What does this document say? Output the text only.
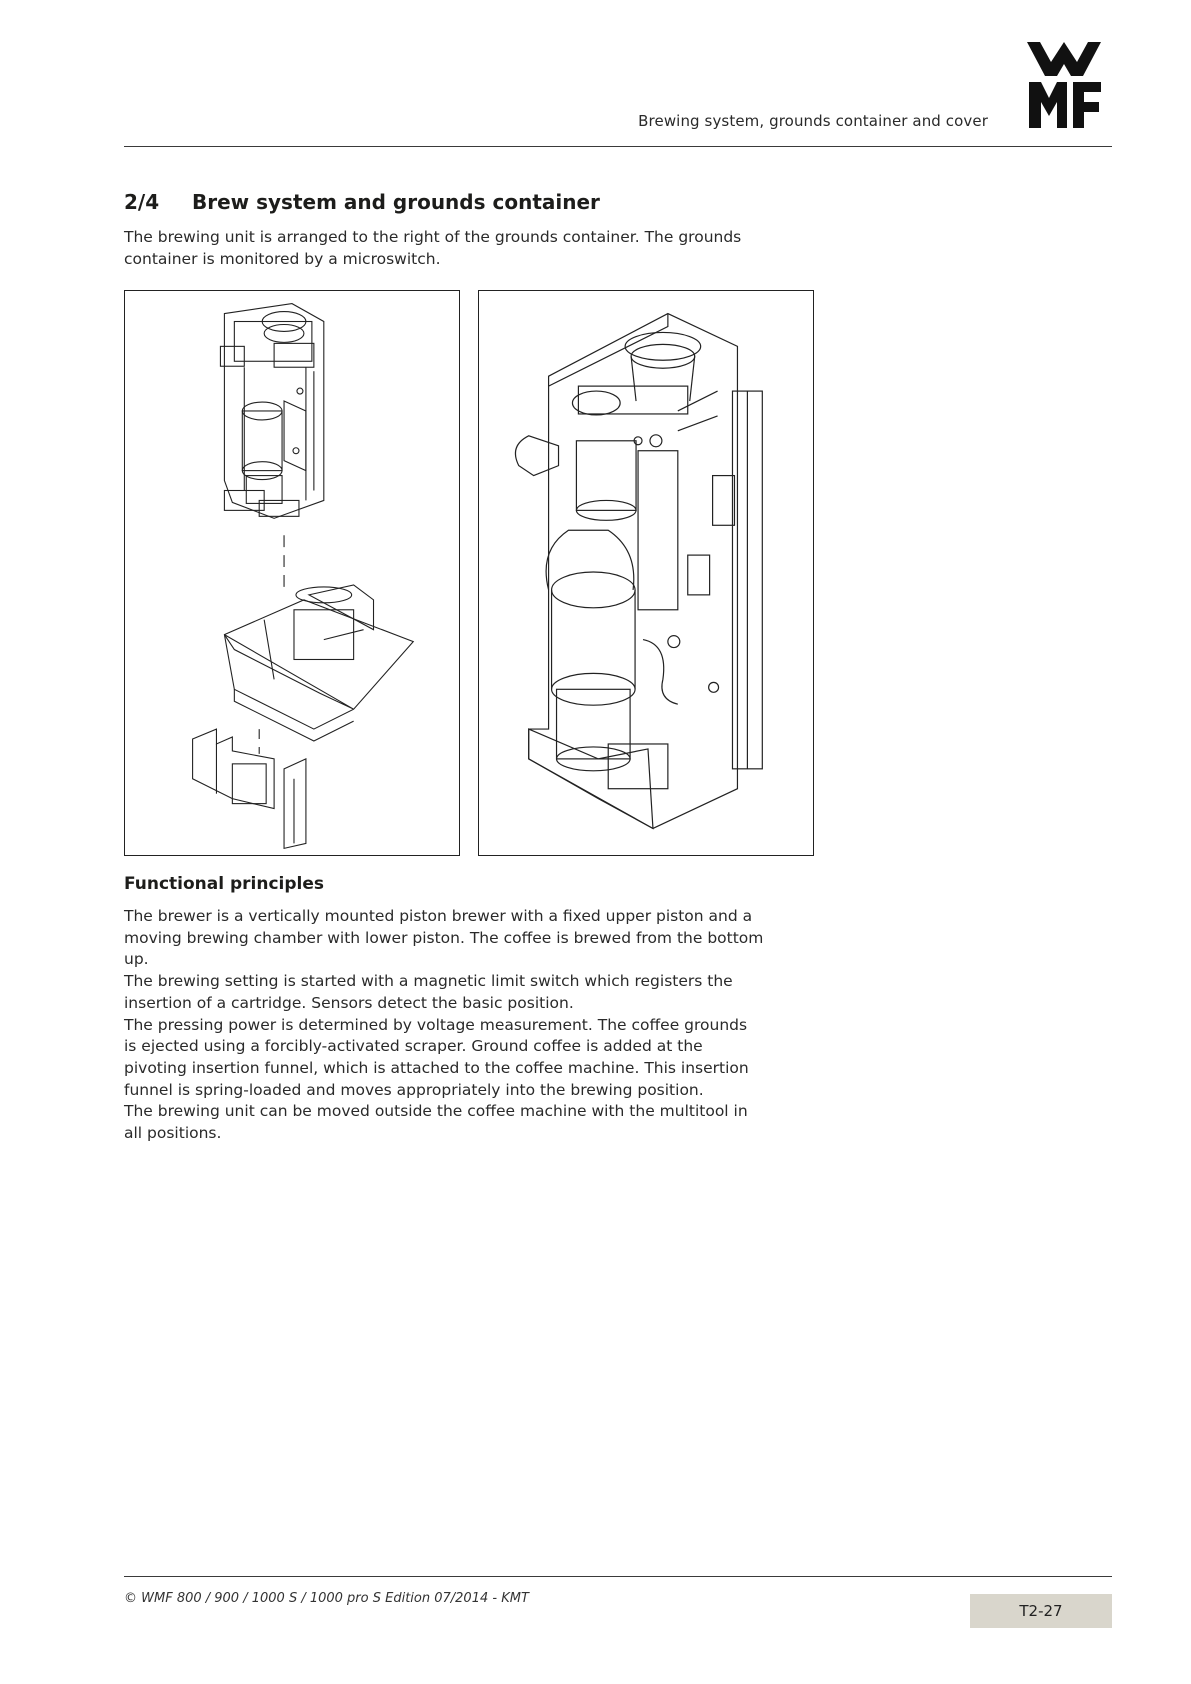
Brewing system, grounds container and cover
2/4 Brew system and grounds container
The brewing unit is arranged to the right of the grounds container. The grounds container is monitored by a microswitch.
Functional principles

The brewer is a vertically mounted piston brewer with a fixed upper piston and a moving brewing chamber with lower piston. The coffee is brewed from the bottom up.

The brewing setting is started with a magnetic limit switch which registers the insertion of a cartridge. Sensors detect the basic position.

The pressing power is determined by voltage measurement. The coffee grounds is ejected using a forcibly-activated scraper. Ground coffee is added at the pivoting insertion funnel, which is attached to the coffee machine. This insertion funnel is spring-loaded and moves appropriately into the brewing position.

The brewing unit can be moved outside the coffee machine with the multitool in all positions.

© WMF 800 / 900 / 1000 S / 1000 pro S Edition 07/2014 - KMT
T2-27
